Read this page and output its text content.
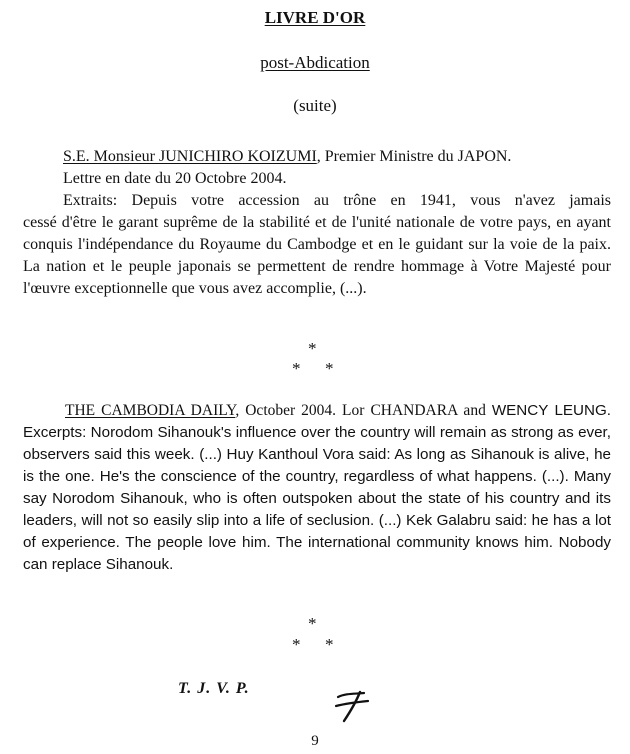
LIVRE D'OR
post-Abdication
(suite)
S.E. Monsieur JUNICHIRO KOIZUMI, Premier Ministre du JAPON.
Lettre en date du 20 Octobre 2004.
Extraits: Depuis votre accession au trône en 1941, vous n'avez jamais
cessé d'être le garant suprême de la stabilité et de l'unité nationale de votre pays, en ayant conquis l'indépendance du Royaume du Cambodge et en le guidant sur la voie de la paix. La nation et le peuple japonais se permettent de rendre hommage à Votre Majesté pour l'œuvre exceptionnelle que vous avez accomplie, (...).
*
* *
THE CAMBODIA DAILY, October 2004. Lor CHANDARA and WENCY LEUNG. Excerpts: Norodom Sihanouk's influence over the country will remain as strong as ever, observers said this week. (...) Huy Kanthoul Vora said: As long as Sihanouk is alive, he is the one. He's the conscience of the country, regardless of what happens. (...). Many say Norodom Sihanouk, who is often outspoken about the state of his country and its leaders, will not so easily slip into a life of seclusion. (...) Kek Galabru said: he has a lot of experience. The people love him. The international community knows him. Nobody can replace Sihanouk.
*
* *
T. J. V. P.
9
